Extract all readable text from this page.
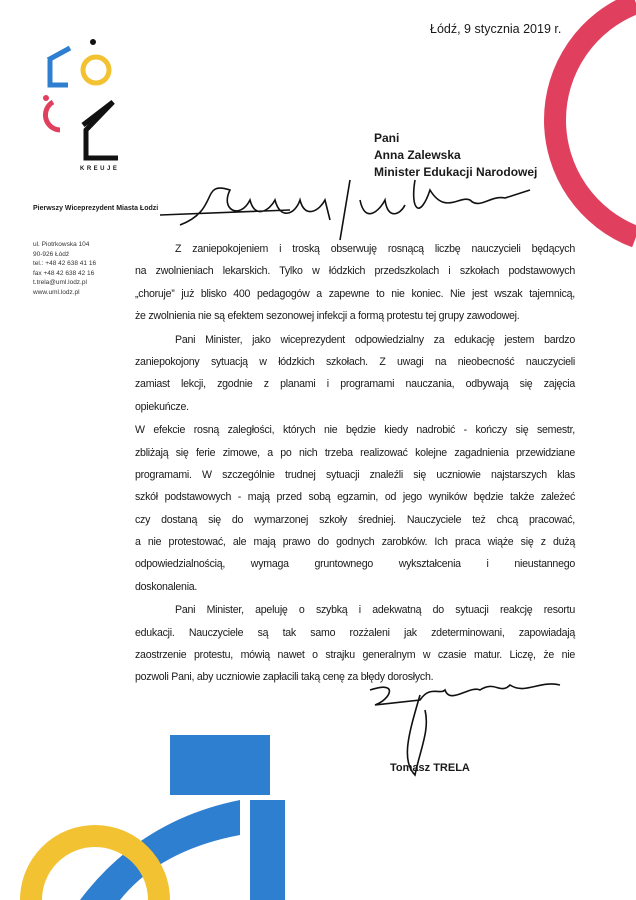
KREUJE
Łódź, 9 stycznia 2019 r.
Pani
Anna Zalewska
Minister Edukacji Narodowej
Pierwszy Wiceprezydent Miasta Łodzi
ul. Piotrkowska 104
90-926 Łódź
tel.: +48 42 638 41 16
fax +48 42 638 42 16
t.trela@uml.lodz.pl
www.uml.lodz.pl
Z zaniepokojeniem i troską obserwuję rosnącą liczbę nauczycieli będących
na zwolnieniach lekarskich. Tylko w łódzkich przedszkolach i szkołach podstawowych
„choruje” już blisko 400 pedagogów a zapewne to nie koniec. Nie jest wszak tajemnicą,
że zwolnienia nie są efektem sezonowej infekcji a formą protestu tej grupy zawodowej.
Pani Minister, jako wiceprezydent odpowiedzialny za edukację jestem bardzo
zaniepokojony sytuacją w łódzkich szkołach. Z uwagi na nieobecność nauczycieli
zamiast lekcji, zgodnie z planami i programami nauczania, odbywają się zajęcia
opiekuńcze.
W efekcie rosną zaległości, których nie będzie kiedy nadrobić - kończy się semestr,
zbliżają się ferie zimowe, a po nich trzeba realizować kolejne zagadnienia przewidziane
programami. W szczególnie trudnej sytuacji znaleźli się uczniowie najstarszych klas
szkół podstawowych - mają przed sobą egzamin, od jego wyników będzie także zależeć
czy dostaną się do wymarzonej szkoły średniej. Nauczyciele też chcą pracować,
a nie protestować, ale mają prawo do godnych zarobków. Ich praca wiąże się z dużą
odpowiedzialnością, wymaga gruntownego wykształcenia i nieustannego
doskonalenia.
Pani Minister, apeluję o szybką i adekwatną do sytuacji reakcję resortu
edukacji. Nauczyciele są tak samo rozżaleni jak zdeterminowani, zapowiadają
zaostrzenie protestu, mówią nawet o strajku generalnym w czasie matur. Liczę, że nie
pozwoli Pani, aby uczniowie zapłacili taką cenę za błędy dorosłych.
Tomasz TRELA
